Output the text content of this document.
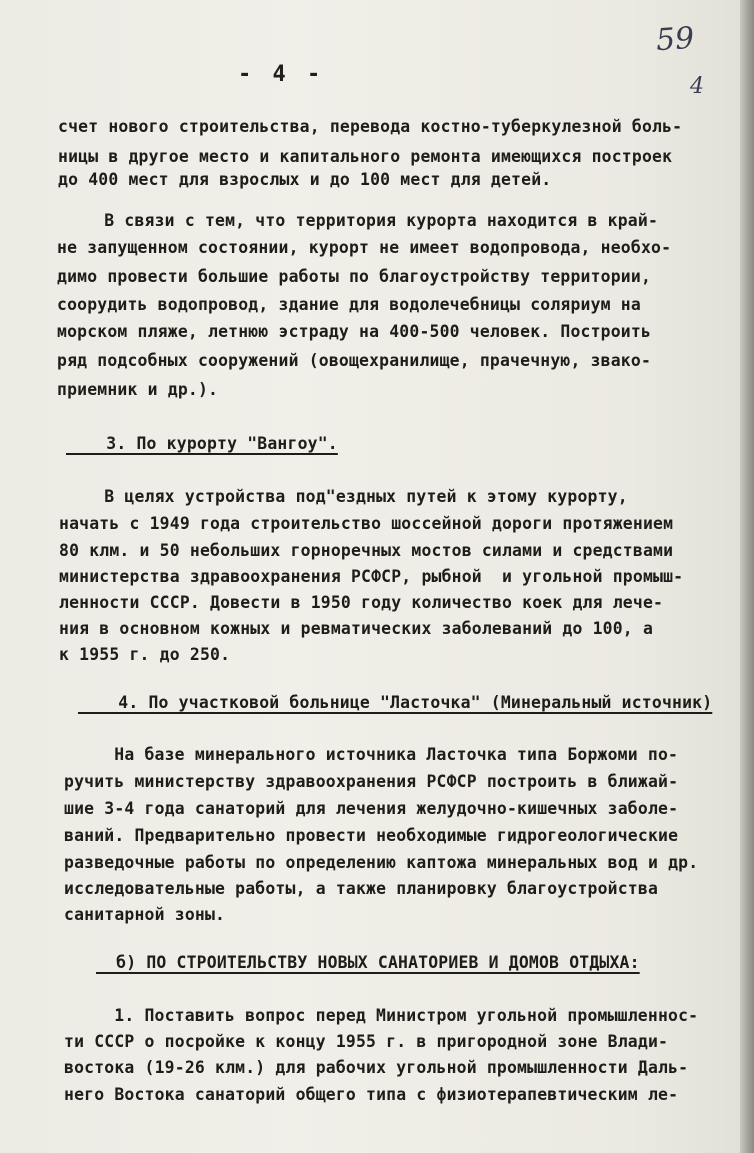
- 4 -
59
4
счет нового строительства, перевода костно-туберкулезной боль-
ницы в другое место и капитального ремонта имеющихся построек
до 400 мест для взрослых и до 100 мест для детей.
В связи с тем, что территория курорта находится в край-
не запущенном состоянии, курорт не имеет водопровода, необхо-
димо провести большие работы по благоустройству территории,
соорудить водопровод, здание для водолечебницы соляриум на
морском пляже, летнюю эстраду на 400-500 человек. Построить
ряд подсобных сооружений (овощехранилище, прачечную, звако-
приемник и др.).
3. По курорту "Вангоу".
В целях устройства под"ездных путей к этому курорту,
начать с 1949 года строительство шоссейной дороги протяжением
80 клм. и 50 небольших горноречных мостов силами и средствами
министерства здравоохранения РСФСР, рыбной  и угольной промыш-
ленности СССР. Довести в 1950 году количество коек для лече-
ния в основном кожных и ревматических заболеваний до 100, а
к 1955 г. до 250.
4. По участковой больнице "Ласточка" (Минеральный источник)
На базе минерального источника Ласточка типа Боржоми по-
ручить министерству здравоохранения РСФСР построить в ближай-
шие 3-4 года санаторий для лечения желудочно-кишечных заболе-
ваний. Предварительно провести необходимые гидрогеологические
разведочные работы по определению каптожа минеральных вод и др.
исследовательные работы, а также планировку благоустройства
санитарной зоны.
б) ПО СТРОИТЕЛЬСТВУ НОВЫХ САНАТОРИЕВ И ДОМОВ ОТДЫХА:
1. Поставить вопрос перед Министром угольной промышленнос-
ти СССР о посройке к концу 1955 г. в пригородной зоне Влади-
востока (19-26 клм.) для рабочих угольной промышленности Даль-
него Востока санаторий общего типа с физиотерапевтическим ле-
